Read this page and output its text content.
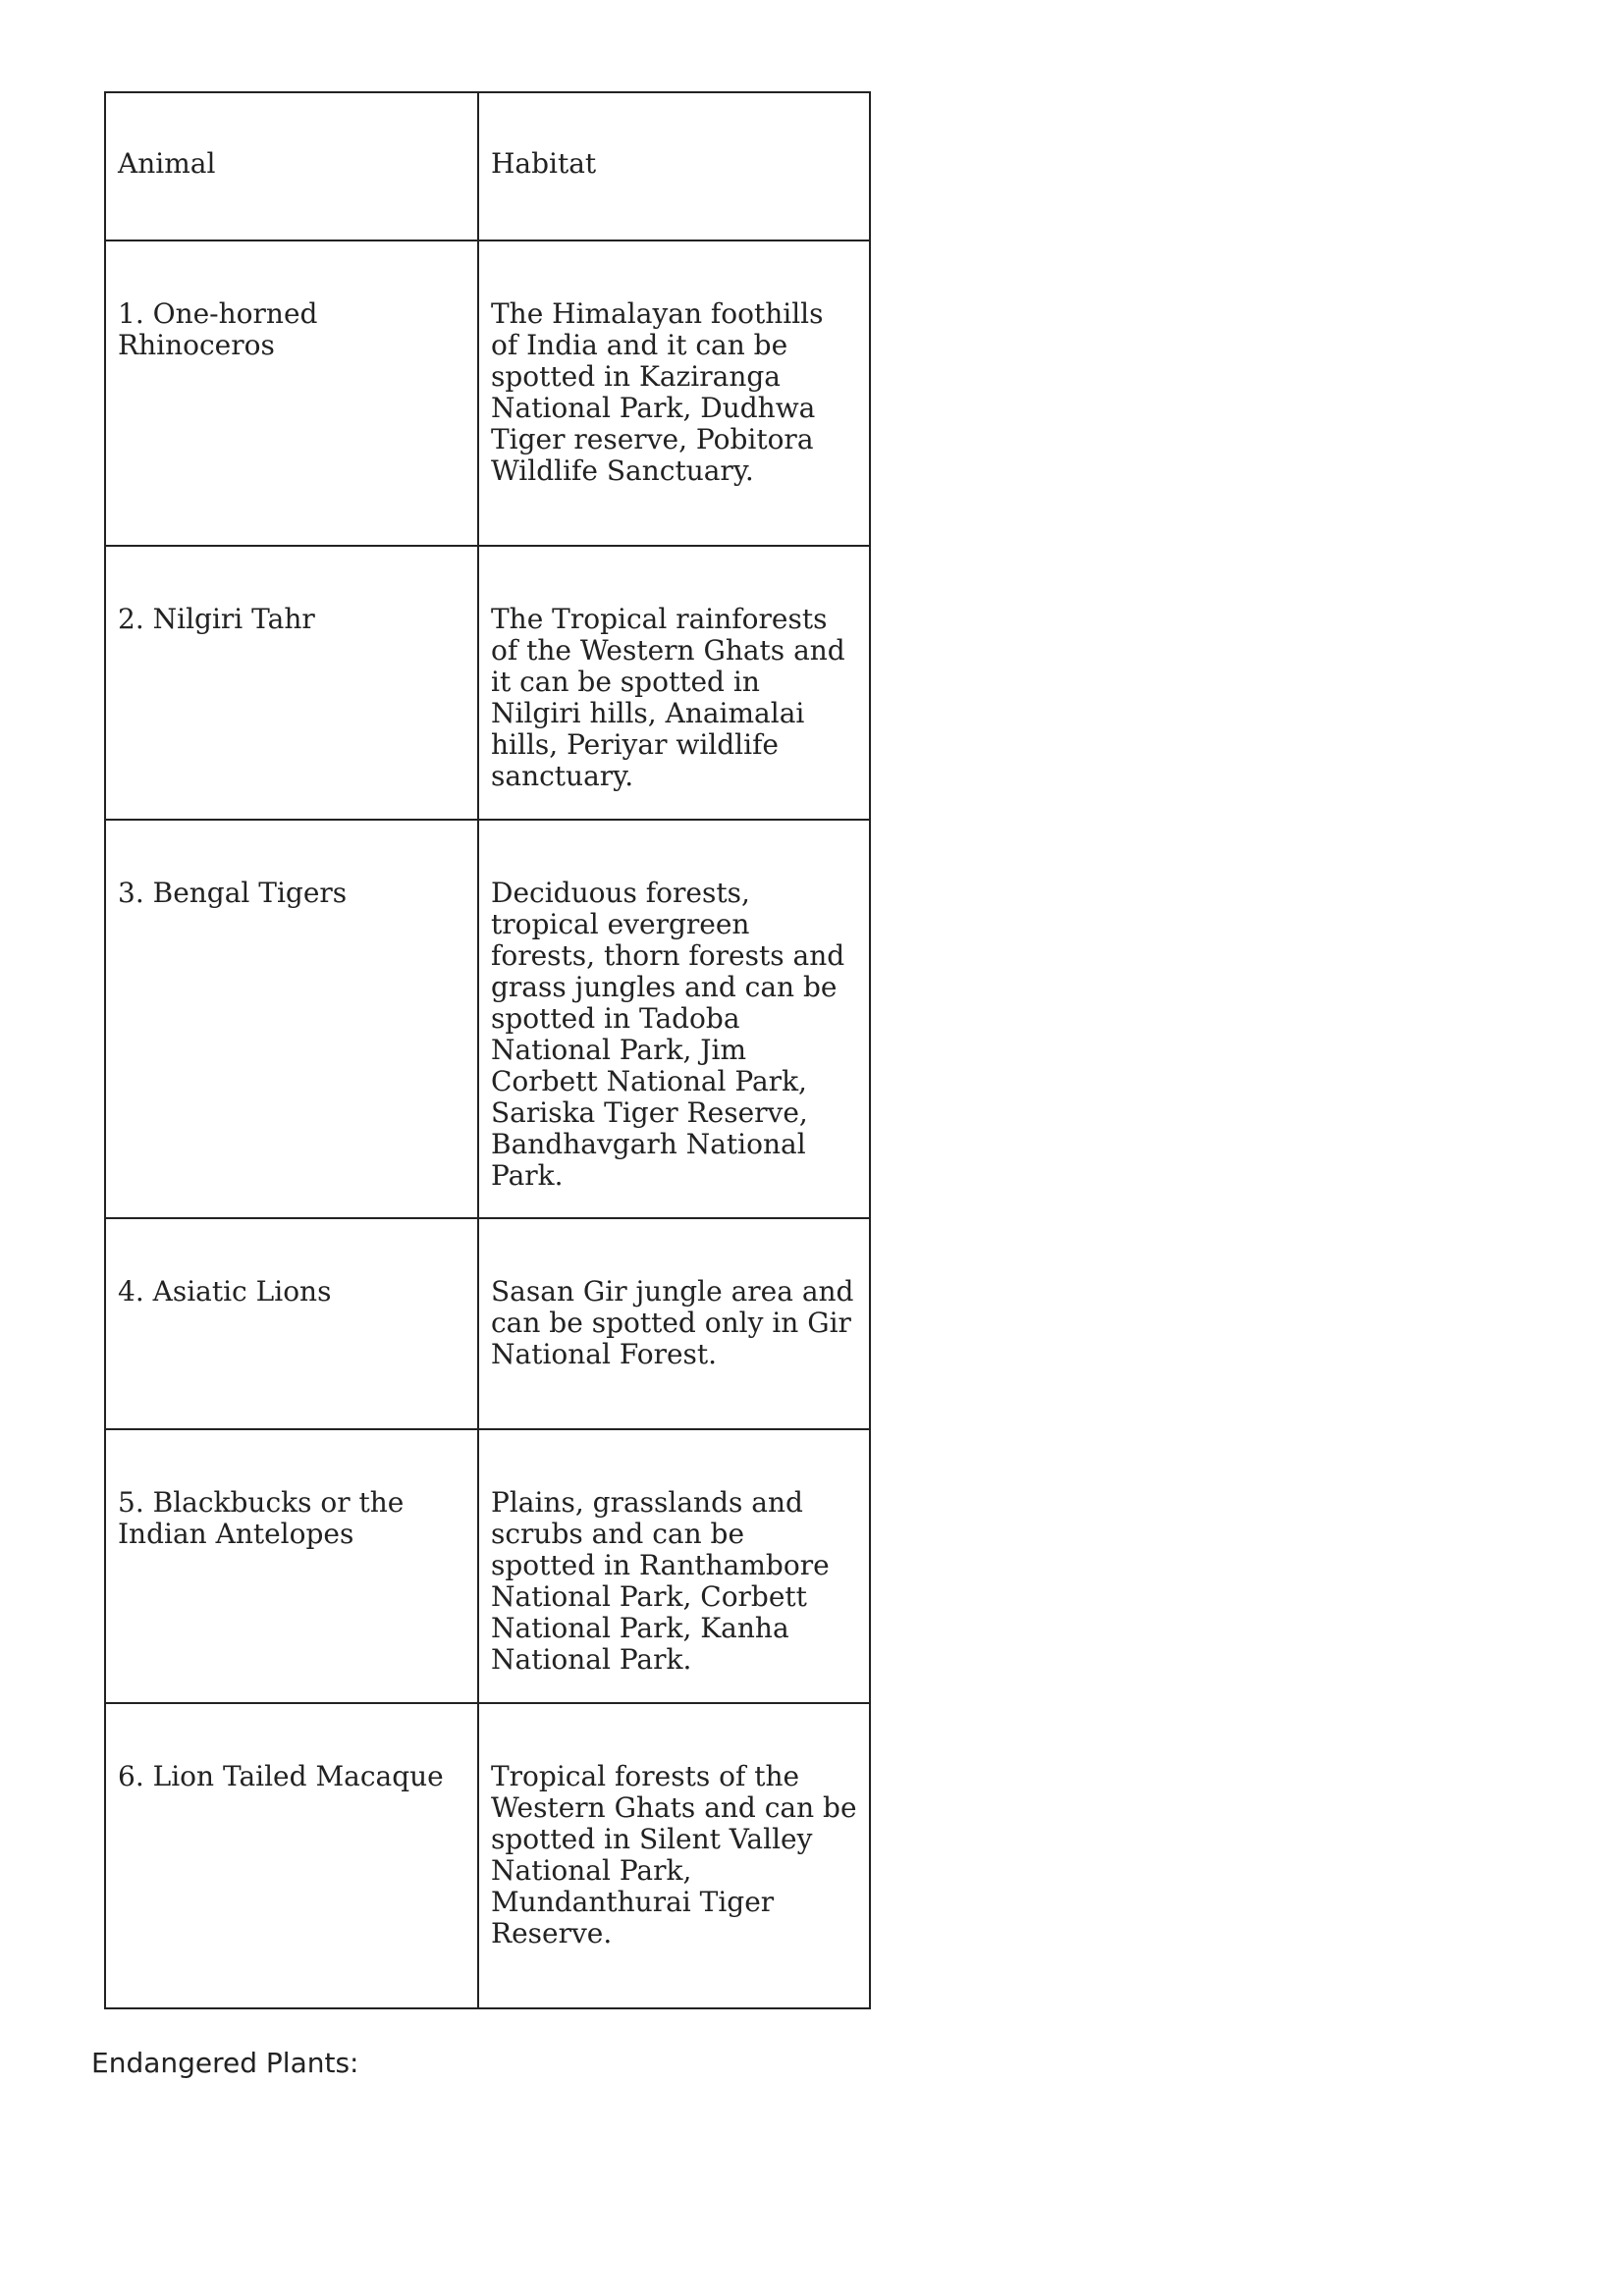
Animal	Habitat

1. One-horned Rhinoceros	The Himalayan foothills of India and it can be spotted in Kaziranga National Park, Dudhwa Tiger reserve, Pobitora Wildlife Sanctuary.

2. Nilgiri Tahr	The Tropical rainforests of the Western Ghats and it can be spotted in Nilgiri hills, Anaimalai hills, Periyar wildlife sanctuary.

3. Bengal Tigers	Deciduous forests, tropical evergreen forests, thorn forests and grass jungles and can be spotted in Tadoba National Park, Jim Corbett National Park, Sariska Tiger Reserve, Bandhavgarh National Park.

4. Asiatic Lions	Sasan Gir jungle area and can be spotted only in Gir National Forest.

5. Blackbucks or the Indian Antelopes	Plains, grasslands and scrubs and can be spotted in Ranthambore National Park, Corbett National Park, Kanha National Park.

6. Lion Tailed Macaque	Tropical forests of the Western Ghats and can be spotted in Silent Valley National Park, Mundanthurai Tiger Reserve.

Endangered Plants:
